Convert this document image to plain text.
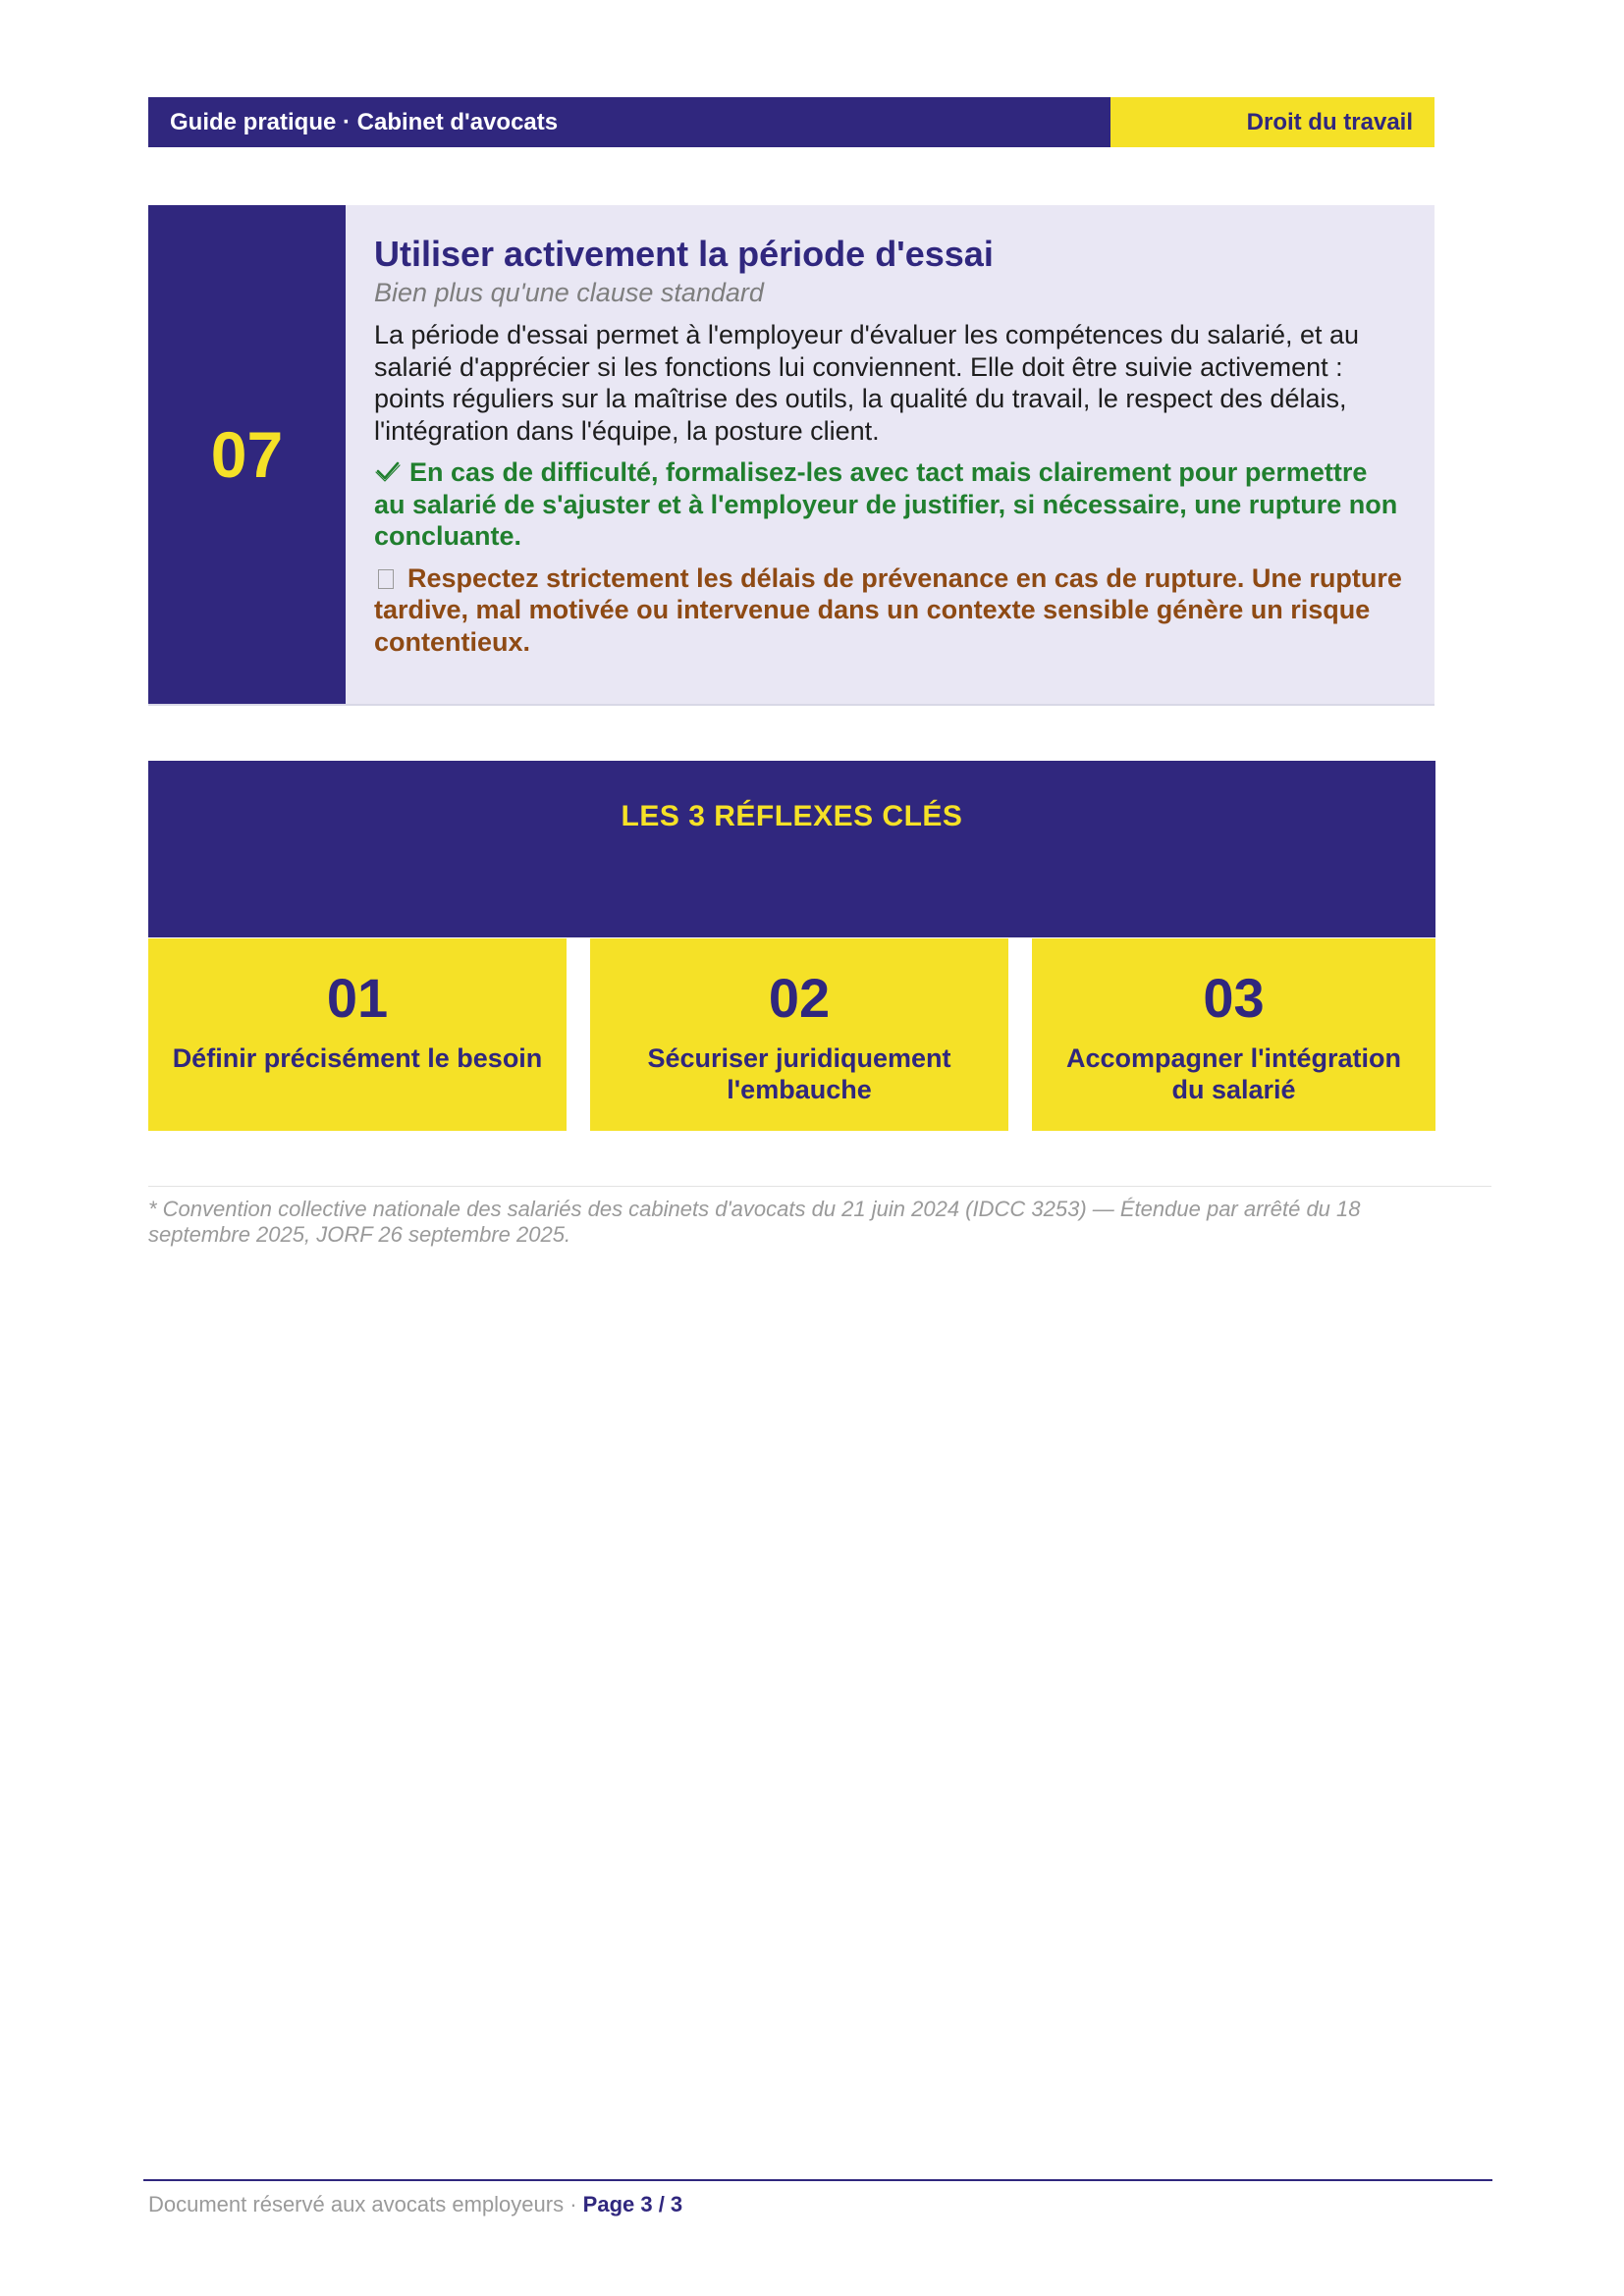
Guide pratique · Cabinet d'avocats	Droit du travail
07

Utiliser activement la période d'essai

Bien plus qu'une clause standard

La période d'essai permet à l'employeur d'évaluer les compétences du salarié, et au salarié d'apprécier si les fonctions lui conviennent. Elle doit être suivie activement : points réguliers sur la maîtrise des outils, la qualité du travail, le respect des délais, l'intégration dans l'équipe, la posture client.

En cas de difficulté, formalisez-les avec tact mais clairement pour permettre au salarié de s'ajuster et à l'employeur de justifier, si nécessaire, une rupture non concluante.

Respectez strictement les délais de prévenance en cas de rupture. Une rupture tardive, mal motivée ou intervenue dans un contexte sensible génère un risque contentieux.

LES 3 RÉFLEXES CLÉS
01
Définir précisément le besoin
02
Sécuriser juridiquement l'embauche
03
Accompagner l'intégration du salarié
* Convention collective nationale des salariés des cabinets d'avocats du 21 juin 2024 (IDCC 3253) — Étendue par arrêté du 18 septembre 2025, JORF 26 septembre 2025.
Document réservé aux avocats employeurs · Page 3 / 3
